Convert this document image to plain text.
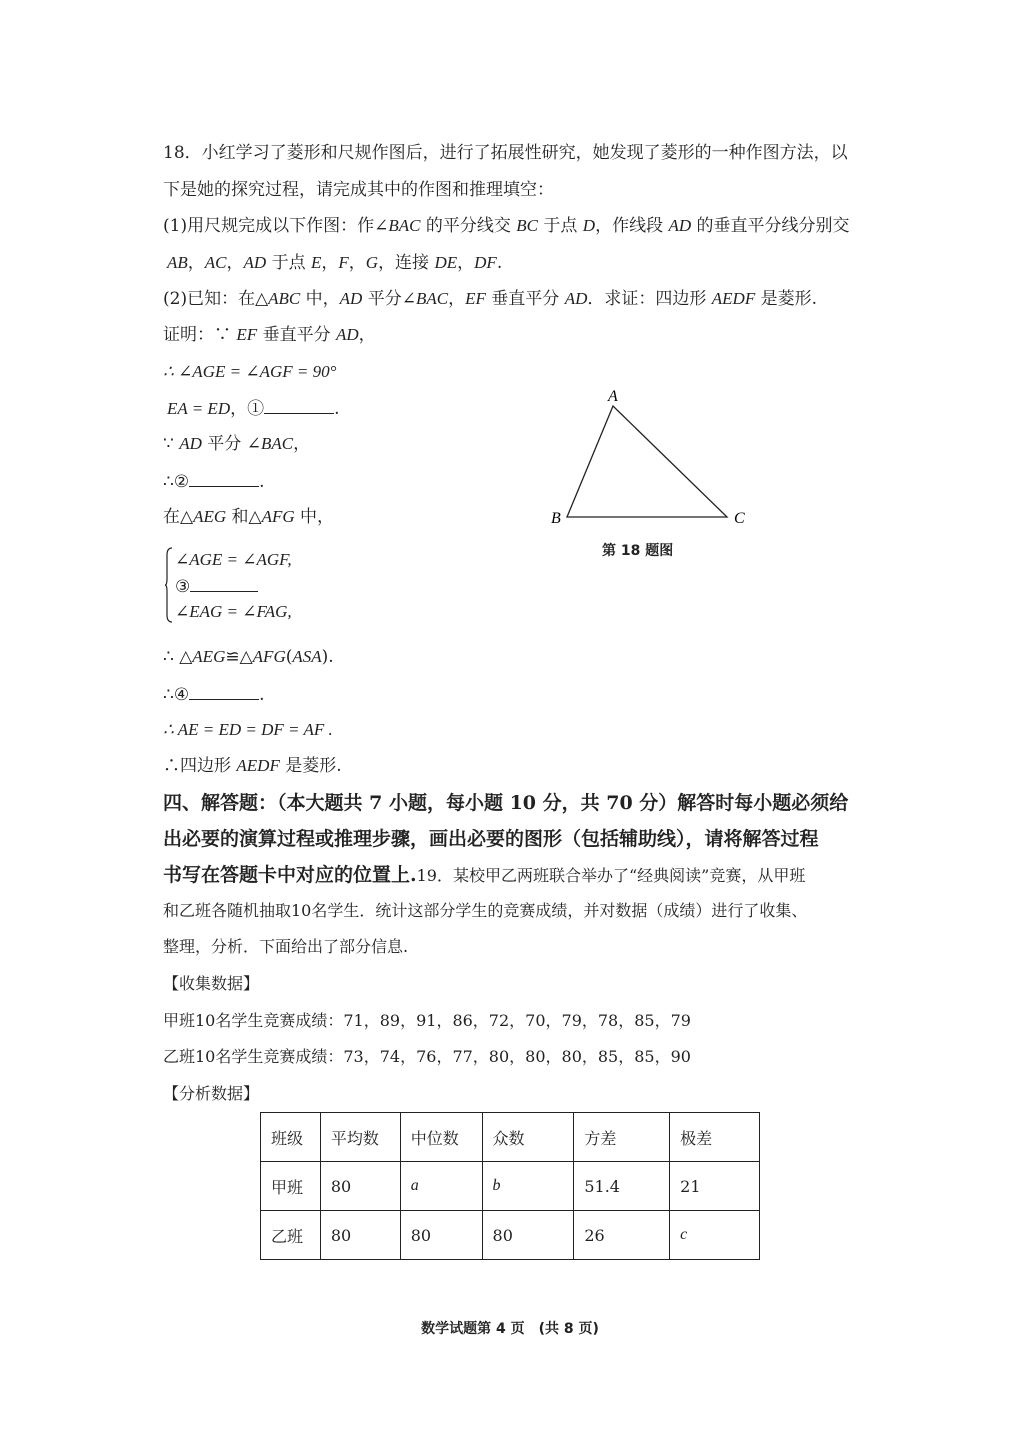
18．小红学习了菱形和尺规作图后，进行了拓展性研究，她发现了菱形的一种作图方法，以
下是她的探究过程，请完成其中的作图和推理填空：
(1)用尺规完成以下作图：作∠BAC 的平分线交 BC 于点 D，作线段 AD 的垂直平分线分别交
AB，AC，AD 于点 E，F，G，连接 DE，DF.
(2)已知：在△ABC 中，AD 平分∠BAC，EF 垂直平分 AD．求证：四边形 AEDF 是菱形.
证明：∵ EF 垂直平分 AD，
∴ ∠AGE = ∠AGF = 90°
EA = ED，①	.
∵ AD 平分 ∠BAC，
∴②	.
在△AEG 和△AFG 中，
∠AGE = ∠AGF,
③
∠EAG = ∠FAG,
∴ △AEG≌△AFG(ASA).
∴④	.
∴ AE = ED = DF = AF .
∴四边形 AEDF 是菱形.
A
B	C
第 18 题图
四、解答题：（本大题共 7 小题，每小题 10 分，共 70 分）解答时每小题必须给
出必要的演算过程或推理步骤，画出必要的图形（包括辅助线），请将解答过程
书写在答题卡中对应的位置上.19．某校甲乙两班联合举办了“经典阅读”竞赛，从甲班
和乙班各随机抽取10名学生．统计这部分学生的竞赛成绩，并对数据（成绩）进行了收集、
整理，分析．下面给出了部分信息.
【收集数据】
甲班10名学生竞赛成绩：71，89，91，86，72，70，79，78，85，79
乙班10名学生竞赛成绩：73，74，76，77，80，80，80，85，85，90
【分析数据】
班级	平均数	中位数	众数	方差	极差
甲班	80	a	b	51.4	21
乙班	80	80	80	26	c
数学试题第 4 页　(共 8 页)
